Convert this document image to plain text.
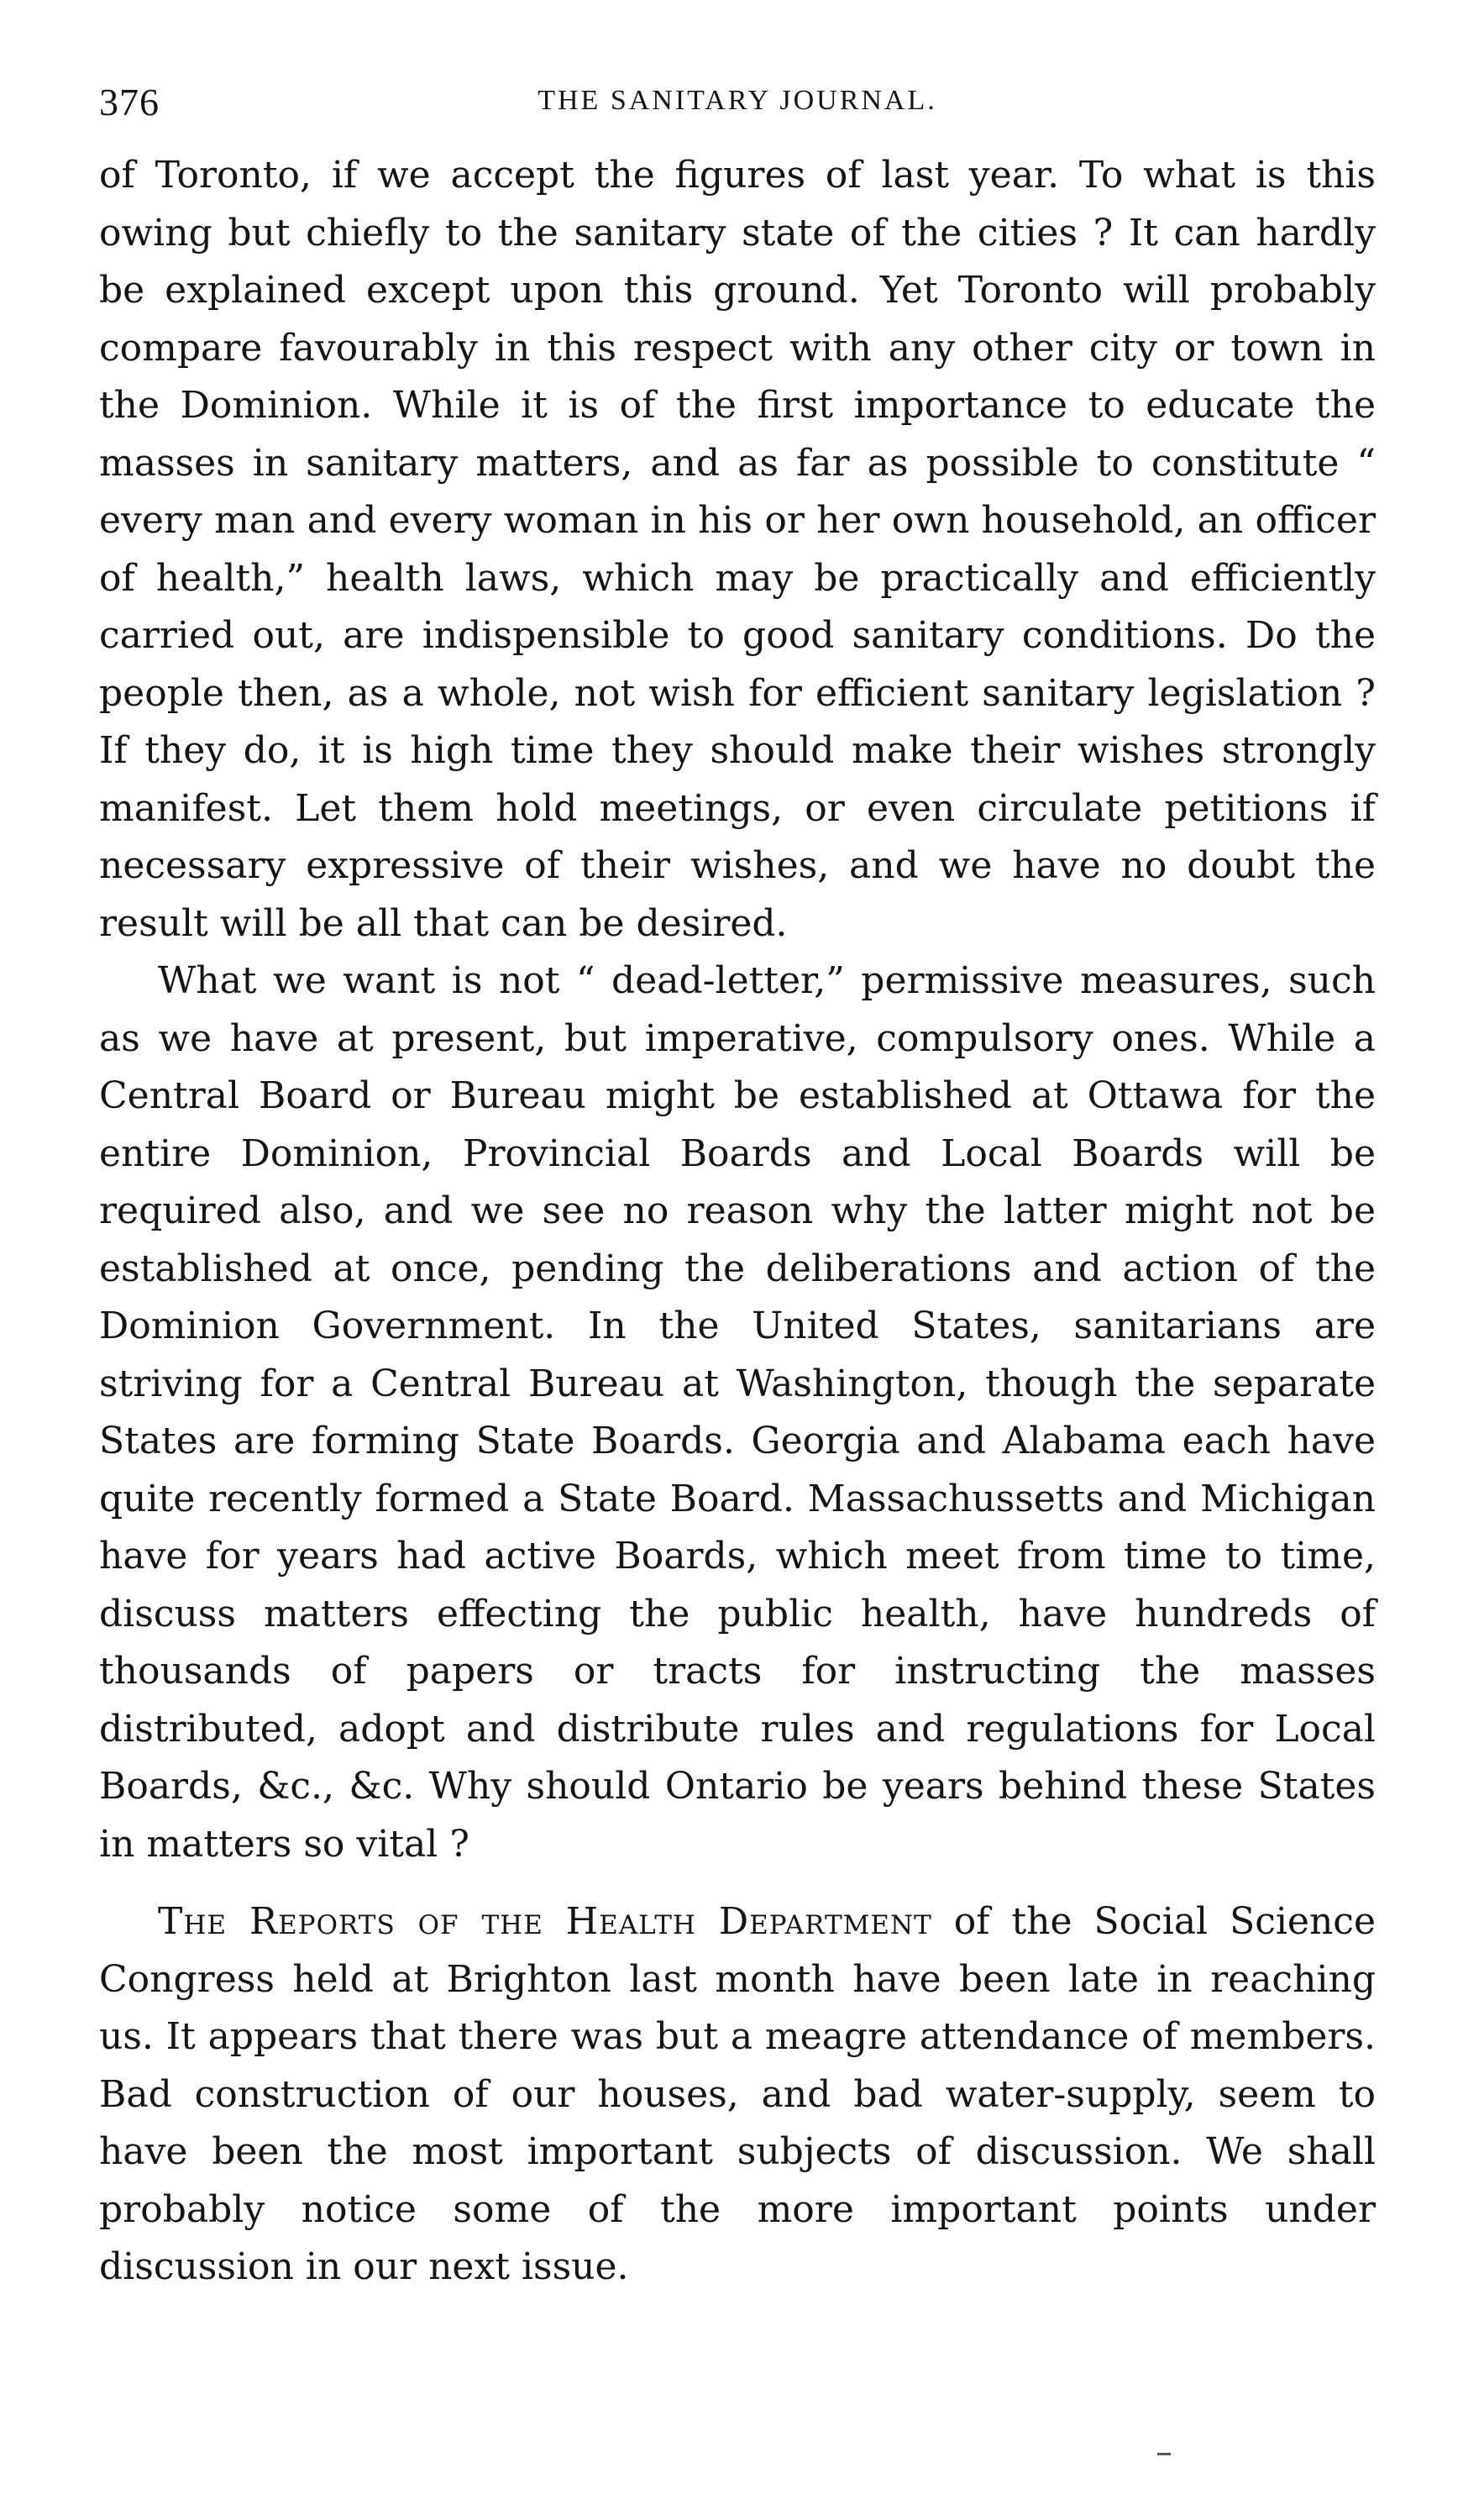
376	THE SANITARY JOURNAL.

of Toronto, if we accept the figures of last year. To what is this owing but chiefly to the sanitary state of the cities ? It can hardly be explained except upon this ground. Yet Toronto will probably compare favourably in this respect with any other city or town in the Dominion. While it is of the first importance to educate the masses in sanitary matters, and as far as possible to constitute “ every man and every woman in his or her own household, an officer of health,” health laws, which may be practically and efficiently carried out, are indispensible to good sanitary conditions. Do the people then, as a whole, not wish for efficient sanitary legislation ? If they do, it is high time they should make their wishes strongly manifest. Let them hold meetings, or even circulate petitions if necessary expressive of their wishes, and we have no doubt the result will be all that can be desired.

What we want is not “ dead-letter,” permissive measures, such as we have at present, but imperative, compulsory ones. While a Central Board or Bureau might be established at Ottawa for the entire Dominion, Provincial Boards and Local Boards will be required also, and we see no reason why the latter might not be established at once, pending the deliberations and action of the Dominion Government. In the United States, sanitarians are striving for a Central Bureau at Washington, though the separate States are forming State Boards. Georgia and Alabama each have quite recently formed a State Board. Massachussetts and Michigan have for years had active Boards, which meet from time to time, discuss matters effecting the public health, have hundreds of thousands of papers or tracts for instructing the masses distributed, adopt and distribute rules and regulations for Local Boards, &c., &c. Why should Ontario be years behind these States in matters so vital ?

The Reports of the Health Department of the Social Science Congress held at Brighton last month have been late in reaching us. It appears that there was but a meagre attendance of members. Bad construction of our houses, and bad water-supply, seem to have been the most important subjects of discussion. We shall probably notice some of the more important points under discussion in our next issue.
